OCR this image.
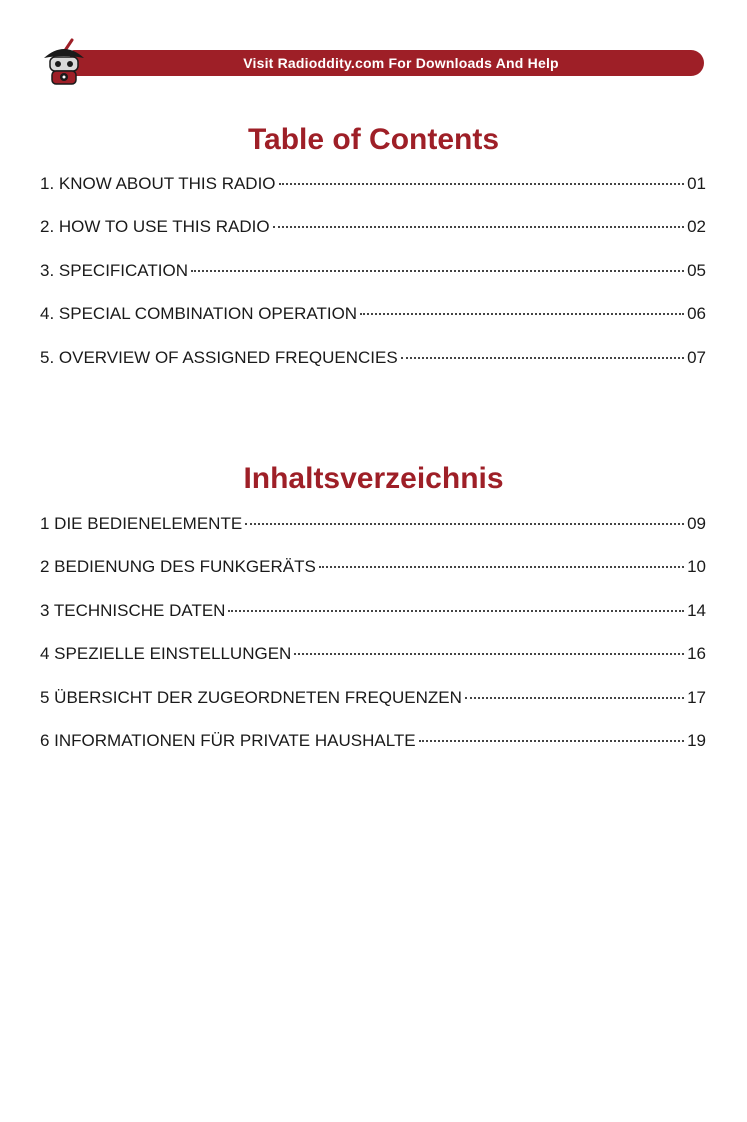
Visit Radioddity.com For Downloads And Help
Table of Contents
1. KNOW ABOUT THIS RADIO	01
2. HOW TO USE THIS RADIO	02
3. SPECIFICATION	05
4. SPECIAL COMBINATION OPERATION	06
5. OVERVIEW OF ASSIGNED FREQUENCIES	07
Inhaltsverzeichnis
1 DIE BEDIENELEMENTE	09
2 BEDIENUNG DES FUNKGERÄTS	10
3 TECHNISCHE DATEN	14
4 SPEZIELLE EINSTELLUNGEN	16
5 ÜBERSICHT DER ZUGEORDNETEN FREQUENZEN	17
6 INFORMATIONEN FÜR PRIVATE HAUSHALTE	19
